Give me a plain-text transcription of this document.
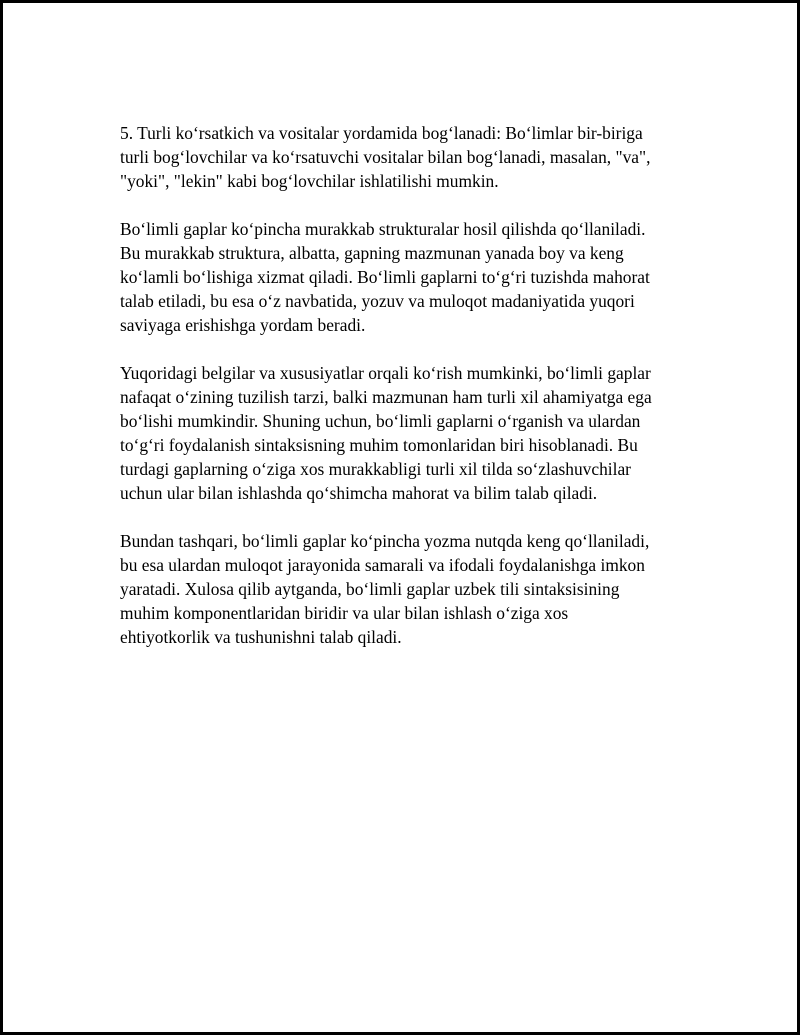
5. Turli ko‘rsatkich va vositalar yordamida bog‘lanadi: Bo‘limlar bir-biriga
turli bog‘lovchilar va ko‘rsatuvchi vositalar bilan bog‘lanadi, masalan, "va",
"yoki", "lekin" kabi bog‘lovchilar ishlatilishi mumkin.

Bo‘limli gaplar ko‘pincha murakkab strukturalar hosil qilishda qo‘llaniladi.
Bu murakkab struktura, albatta, gapning mazmunan yanada boy va keng
ko‘lamli bo‘lishiga xizmat qiladi. Bo‘limli gaplarni to‘g‘ri tuzishda mahorat
talab etiladi, bu esa o‘z navbatida, yozuv va muloqot madaniyatida yuqori
saviyaga erishishga yordam beradi.

Yuqoridagi belgilar va xususiyatlar orqali ko‘rish mumkinki, bo‘limli gaplar
nafaqat o‘zining tuzilish tarzi, balki mazmunan ham turli xil ahamiyatga ega
bo‘lishi mumkindir. Shuning uchun, bo‘limli gaplarni o‘rganish va ulardan
to‘g‘ri foydalanish sintaksisning muhim tomonlaridan biri hisoblanadi. Bu
turdagi gaplarning o‘ziga xos murakkabligi turli xil tilda so‘zlashuvchilar
uchun ular bilan ishlashda qo‘shimcha mahorat va bilim talab qiladi.

Bundan tashqari, bo‘limli gaplar ko‘pincha yozma nutqda keng qo‘llaniladi,
bu esa ulardan muloqot jarayonida samarali va ifodali foydalanishga imkon
yaratadi. Xulosa qilib aytganda, bo‘limli gaplar uzbek tili sintaksisining
muhim komponentlaridan biridir va ular bilan ishlash o‘ziga xos
ehtiyotkorlik va tushunishni talab qiladi.
